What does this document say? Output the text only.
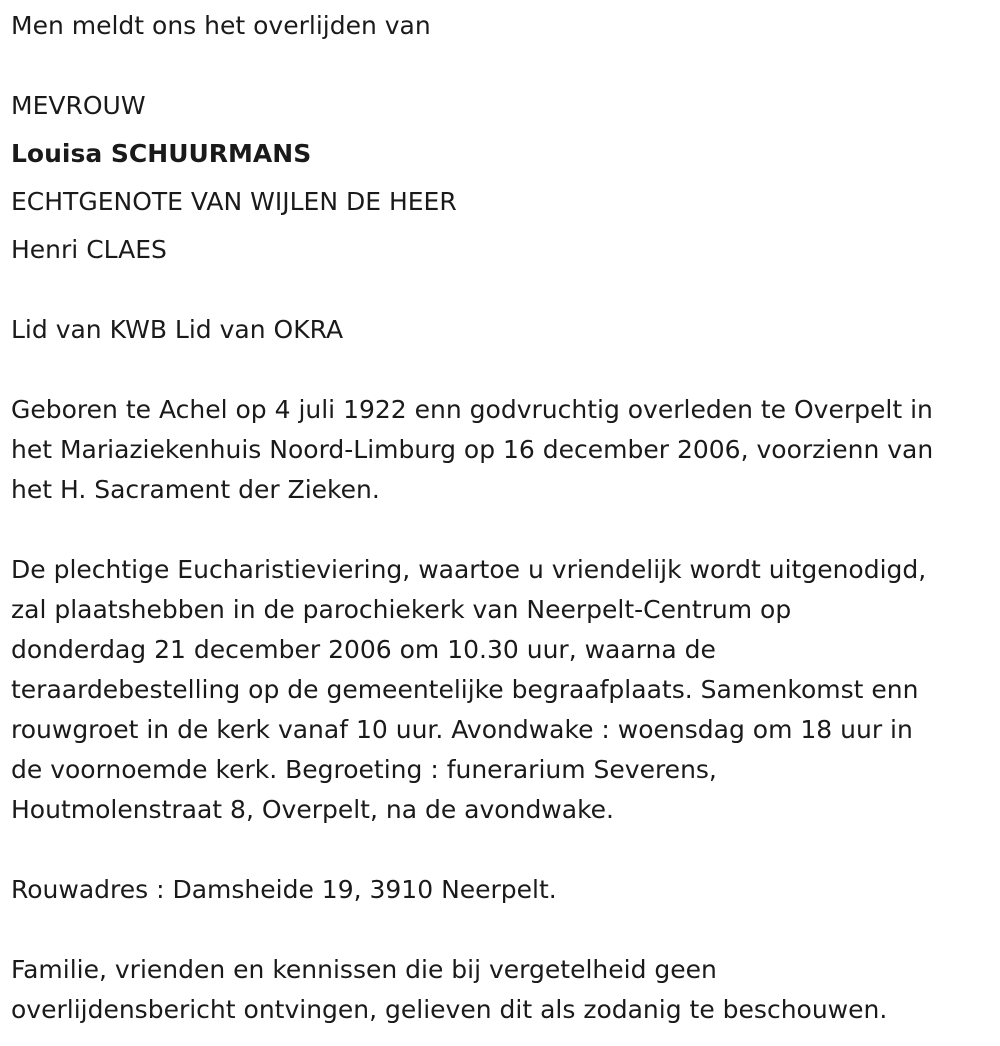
Men meldt ons het overlijden van
MEVROUW
Louisa SCHUURMANS
ECHTGENOTE VAN WIJLEN DE HEER
Henri CLAES
Lid van KWB Lid van OKRA
Geboren te Achel op 4 juli 1922 enn godvruchtig overleden te Overpelt in
het Mariaziekenhuis Noord-Limburg op 16 december 2006, voorzienn van
het H. Sacrament der Zieken.
De plechtige Eucharistieviering, waartoe u vriendelijk wordt uitgenodigd,
zal plaatshebben in de parochiekerk van Neerpelt-Centrum op
donderdag 21 december 2006 om 10.30 uur, waarna de
teraardebestelling op de gemeentelijke begraafplaats. Samenkomst enn
rouwgroet in de kerk vanaf 10 uur. Avondwake : woensdag om 18 uur in
de voornoemde kerk. Begroeting : funerarium Severens,
Houtmolenstraat 8, Overpelt, na de avondwake.
Rouwadres : Damsheide 19, 3910 Neerpelt.
Familie, vrienden en kennissen die bij vergetelheid geen
overlijdensbericht ontvingen, gelieven dit als zodanig te beschouwen.
